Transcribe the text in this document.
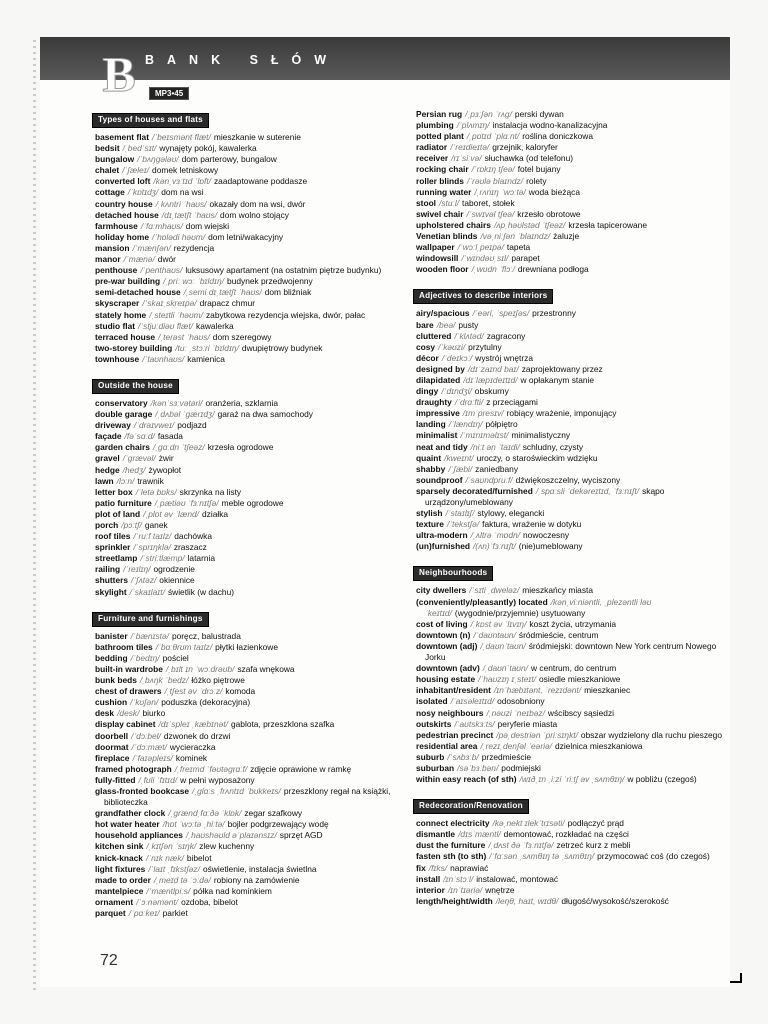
BANK SŁÓW
B	MP3•45
Types of houses and flats

basement flat /ˈbeɪsmənt flæt/ mieszkanie w suterenie

bedsit /ˌbedˈsɪt/ wynajęty pokój, kawalerka

bungalow /ˈbʌŋɡələʊ/ dom parterowy, bungalow

chalet /ˈʃæleɪ/ domek letniskowy

converted loft /kənˌvɜːtɪd ˈlɒft/ zaadaptowane poddasze

cottage /ˈkɒtɪdʒ/ dom na wsi

country house /ˌkʌntri ˈhaʊs/ okazały dom na wsi, dwór

detached house /dɪˌtætʃt ˈhaʊs/ dom wolno stojący

farmhouse /ˈfɑːmhaʊs/ dom wiejski

holiday home /ˈhɒlədi həʊm/ dom letni/wakacyjny

mansion /ˈmænʃən/ rezydencja

manor /ˈmænə/ dwór

penthouse /ˈpenthaʊs/ luksusowy apartament (na ostatnim piętrze budynku)

pre-war building /ˌpriː wɔː ˈbɪldɪŋ/ budynek przedwojenny

semi-detached house /ˌsemi dɪˌtætʃt ˈhaʊs/ dom bliźniak

skyscraper /ˈskaɪˌskreɪpə/ drapacz chmur

stately home /ˌsteɪtli ˈhəʊm/ zabytkowa rezydencja wiejska, dwór, pałac

studio flat /ˈstjuːdiəʊ flæt/ kawalerka

terraced house /ˌterəst ˈhaʊs/ dom szeregowy

two-storey building /tuː ˌstɔːri ˈbɪldɪŋ/ dwupiętrowy budynek

townhouse /ˈtaʊnhaʊs/ kamienica

Outside the house

conservatory /kənˈsɜːvətəri/ oranżeria, szklarnia

double garage /ˌdʌbəl ˈɡærɪdʒ/ garaż na dwa samochody

driveway /ˈdraɪvweɪ/ podjazd

façade /fəˈsɑːd/ fasada

garden chairs /ˌɡɑːdn ˈtʃeəz/ krzesła ogrodowe

gravel /ˈɡrævəl/ żwir

hedge /hedʒ/ żywopłot

lawn /lɔːn/ trawnik

letter box /ˈletə bɒks/ skrzynka na listy

patio furniture /ˌpætiəʊ ˈfɜːnɪtʃə/ meble ogrodowe

plot of land /ˌplɒt əv ˈlænd/ działka

porch /pɔːtʃ/ ganek

roof tiles /ˈruːf taɪlz/ dachówka

sprinkler /ˈsprɪŋklə/ zraszacz

streetlamp /ˈstriːtlæmp/ latarnia

railing /ˈreɪlɪŋ/ ogrodzenie

shutters /ˈʃʌtəz/ okiennice

skylight /ˈskaɪlaɪt/ świetlik (w dachu)

Furniture and furnishings

banister /ˈbænɪstə/ poręcz, balustrada

bathroom tiles /ˈbɑːθrʊm taɪlz/ płytki łazienkowe

bedding /ˈbedɪŋ/ pościel

built-in wardrobe /ˌbɪlt ɪn ˈwɔːdrəʊb/ szafa wnękowa

bunk beds /ˌbʌŋk ˈbedz/ łóżko piętrowe

chest of drawers /ˌtʃest əv ˈdrɔːz/ komoda

cushion /ˈkʊʃən/ poduszka (dekoracyjna)

desk /desk/ biurko

display cabinet /dɪˈspleɪ ˌkæbɪnət/ gablota, przeszklona szafka

doorbell /ˈdɔːbel/ dzwonek do drzwi

doormat /ˈdɔːmæt/ wycieraczka

fireplace /ˈfaɪəpleɪs/ kominek

framed photograph /ˌfreɪmd ˈfəʊtəɡrɑːf/ zdjęcie oprawione w ramkę

fully-fitted /ˌfʊli ˈfɪtɪd/ w pełni wyposażony

glass-fronted bookcase /ˌɡlɑːs ˌfrʌntɪd ˈbʊkkeɪs/ przeszklony regał na książki, biblioteczka

grandfather clock /ˌɡrændˌfɑːðə ˈklɒk/ zegar szafkowy

hot water heater /hɒt ˈwɔːtə ˌhiːtə/ bojler podgrzewający wodę

household appliances /ˌhaʊshəʊld əˈplaɪənsɪz/ sprzęt AGD

kitchen sink /ˌkɪtʃən ˈsɪŋk/ zlew kuchenny

knick-knack /ˈnɪk næk/ bibelot

light fixtures /ˈlaɪt ˌfɪkstʃəz/ oświetlenie, instalacja świetlna

made to order /ˌmeɪd tə ˈɔːdə/ robiony na zamówienie

mantelpiece /ˈmæntlpiːs/ półka nad kominkiem

ornament /ˈɔːnəmənt/ ozdoba, bibelot

parquet /ˈpɑːkeɪ/ parkiet

Persian rug /ˌpɜːʃən ˈrʌɡ/ perski dywan

plumbing /ˈplʌmɪŋ/ instalacja wodno-kanalizacyjna

potted plant /ˌpɒtɪd ˈplɑːnt/ roślina doniczkowa

radiator /ˈreɪdieɪtə/ grzejnik, kaloryfer

receiver /rɪˈsiːvə/ słuchawka (od telefonu)

rocking chair /ˈrɒkɪŋ tʃeə/ fotel bujany

roller blinds /ˈrəʊlə blaɪndz/ rolety

running water /ˌrʌnɪŋ ˈwɔːtə/ woda bieżąca

stool /stuːl/ taboret, stołek

swivel chair /ˈswɪvəl tʃeə/ krzesło obrotowe

upholstered chairs /ʌpˌhəʊlstəd ˈtʃeəz/ krzesła tapicerowane

Venetian blinds /vəˌniːʃən ˈblaɪndz/ żaluzje

wallpaper /ˈwɔːlˌpeɪpə/ tapeta

windowsill /ˈwɪndəʊˌsɪl/ parapet

wooden floor /ˌwʊdn ˈflɔː/ drewniana podłoga

Adjectives to describe interiors

airy/spacious /ˈeəri, ˈspeɪʃəs/ przestronny

bare /beə/ pusty

cluttered /ˈklʌtəd/ zagracony

cosy /ˈkəʊzi/ przytulny

décor /ˈdeɪkɔː/ wystrój wnętrza

designed by /dɪˈzaɪnd baɪ/ zaprojektowany przez

dilapidated /dɪˈlæpɪdeɪtɪd/ w opłakanym stanie

dingy /ˈdɪndʒi/ obskurny

draughty /ˈdrɑːfti/ z przeciągami

impressive /ɪmˈpresɪv/ robiący wrażenie, imponujący

landing /ˈlændɪŋ/ półpiętro

minimalist /ˈmɪnɪməlɪst/ minimalistyczny

neat and tidy /niːt ən ˈtaɪdi/ schludny, czysty

quaint /kweɪnt/ uroczy, o staroświeckim wdzięku

shabby /ˈʃæbi/ zaniedbany

soundproof /ˈsaʊndpruːf/ dźwiękoszczelny, wyciszony

sparsely decorated/furnished /ˌspɑːsli ˈdekəreɪtɪd, ˈfɜːnɪʃt/ skąpo urządzony/umeblowany

stylish /ˈstaɪlɪʃ/ stylowy, elegancki

texture /ˈtekstʃə/ faktura, wrażenie w dotyku

ultra-modern /ˌʌltrə ˈmɒdn/ nowoczesny

(un)furnished /(ʌn)ˈfɜːnɪʃt/ (nie)umeblowany

Neighbourhoods

city dwellers /ˈsɪti ˌdweləz/ mieszkańcy miasta

(conveniently/pleasantly) located /kənˌviːniəntli, ˌplezəntli ləʊˈkeɪtɪd/ (wygodnie/przyjemnie) usytuowany

cost of living /ˌkɒst əv ˈlɪvɪŋ/ koszt życia, utrzymania

downtown (n) /ˈdaʊntaʊn/ śródmieście, centrum

downtown (adj) /ˌdaʊnˈtaʊn/ śródmiejski: downtown New York centrum Nowego Jorku

downtown (adv) /ˌdaʊnˈtaʊn/ w centrum, do centrum

housing estate /ˈhaʊzɪŋ ɪˌsteɪt/ osiedle mieszkaniowe

inhabitant/resident /ɪnˈhæbɪtənt, ˈrezɪdənt/ mieszkaniec

isolated /ˈaɪsəleɪtɪd/ odosobniony

nosy neighbours /ˌnəʊzi ˈneɪbəz/ wścibscy sąsiedzi

outskirts /ˈaʊtskɜːts/ peryferie miasta

pedestrian precinct /pəˌdestriən ˈpriːsɪŋkt/ obszar wydzielony dla ruchu pieszego

residential area /ˌrezɪˌdenʃəl ˈeəriə/ dzielnica mieszkaniowa

suburb /ˈsʌbɜːb/ przedmieście

suburban /səˈbɜːbən/ podmiejski

within easy reach (of sth) /wɪðˌɪn ˌiːzi ˈriːtʃ əv ˌsʌmθɪŋ/ w pobliżu (czegoś)

Redecoration/Renovation

connect electricity /kəˌnekt ɪlekˈtrɪsəti/ podłączyć prąd

dismantle /dɪsˈmæntl/ demontować, rozkładać na części

dust the furniture /ˌdʌst ðə ˈfɜːnɪtʃə/ zetrzeć kurz z mebli

fasten sth (to sth) /ˈfɑːsən ˌsʌmθɪŋ tə ˌsʌmθɪŋ/ przymocować coś (do czegoś)

fix /fɪks/ naprawiać

install /ɪnˈstɔːl/ instalować, montować

interior /ɪnˈtɪəriə/ wnętrze

length/height/width /leŋθ, haɪt, wɪdθ/ długość/wysokość/szerokość

72
